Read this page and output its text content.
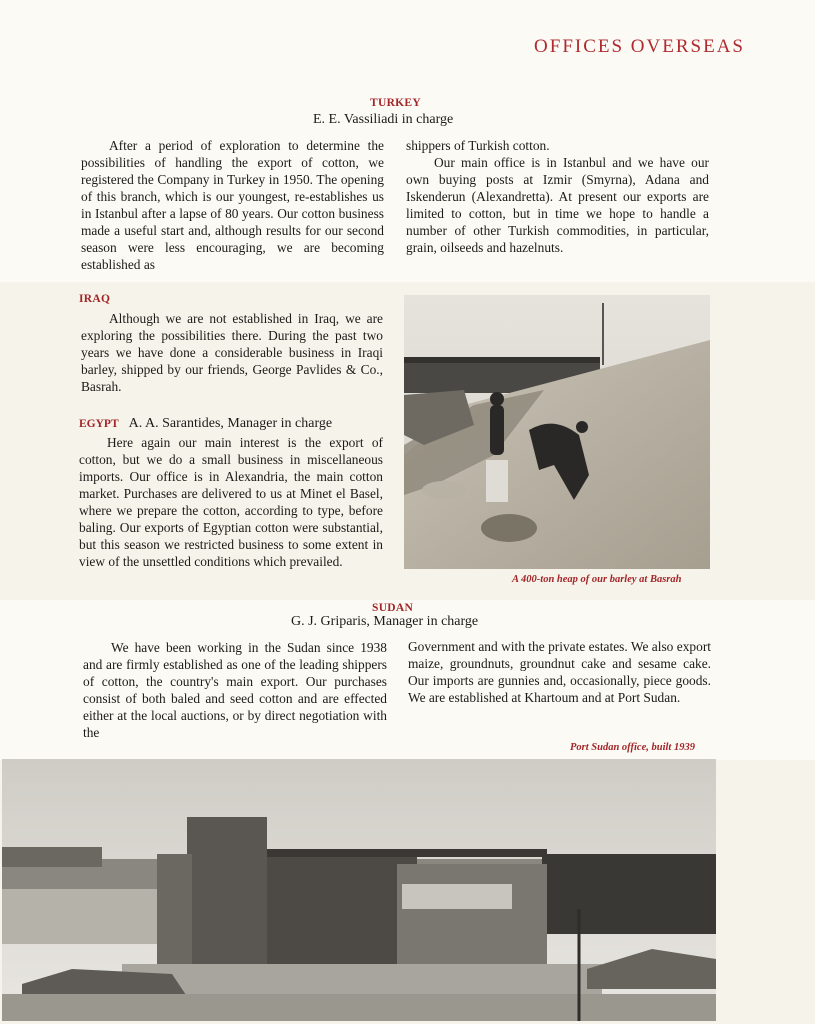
OFFICES OVERSEAS
TURKEY
E. E. Vassiliadi in charge

After a period of exploration to determine the possibilities of handling the export of cotton, we registered the Company in Turkey in 1950. The opening of this branch, which is our youngest, re-establishes us in Istanbul after a lapse of 80 years. Our cotton business made a useful start and, although results for our second season were less encouraging, we are becoming established as

shippers of Turkish cotton.

Our main office is in Istanbul and we have our own buying posts at Izmir (Smyrna), Adana and Iskenderun (Alexandretta). At present our exports are limited to cotton, but in time we hope to handle a number of other Turkish commodities, in particular, grain, oilseeds and hazelnuts.

IRAQ

Although we are not established in Iraq, we are exploring the possibilities there. During the past two years we have done a considerable business in Iraqi barley, shipped by our friends, George Pavlides & Co., Basrah.

EGYPT A. A. Sarantides, Manager in charge

Here again our main interest is the export of cotton, but we do a small business in miscellaneous imports. Our office is in Alexandria, the main cotton market. Purchases are delivered to us at Minet el Basel, where we prepare the cotton, according to type, before baling. Our exports of Egyptian cotton were substantial, but this season we restricted business to some extent in view of the unsettled conditions which prevailed.

A 400-ton heap of our barley at Basrah
SUDAN
G. J. Griparis, Manager in charge

We have been working in the Sudan since 1938 and are firmly established as one of the leading shippers of cotton, the country's main export. Our purchases consist of both baled and seed cotton and are effected either at the local auctions, or by direct negotiation with the

Government and with the private estates. We also export maize, groundnuts, groundnut cake and sesame cake. Our imports are gunnies and, occasionally, piece goods. We are established at Khartoum and at Port Sudan.

Port Sudan office, built 1939
